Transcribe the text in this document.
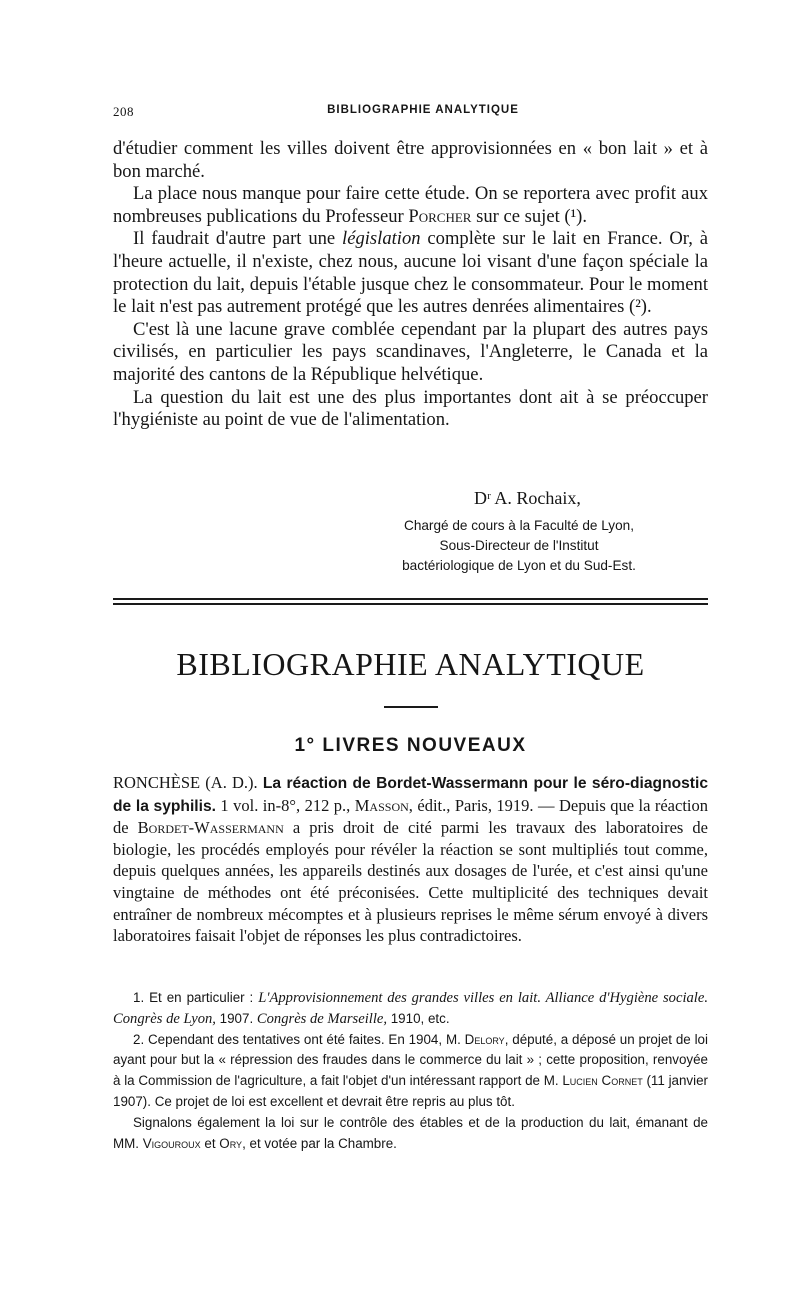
208	BIBLIOGRAPHIE ANALYTIQUE

d'étudier comment les villes doivent être approvisionnées en « bon lait » et à bon marché.

La place nous manque pour faire cette étude. On se reportera avec profit aux nombreuses publications du Professeur Porcher sur ce sujet (¹).

Il faudrait d'autre part une législation complète sur le lait en France. Or, à l'heure actuelle, il n'existe, chez nous, aucune loi visant d'une façon spéciale la protection du lait, depuis l'étable jusque chez le consommateur. Pour le moment le lait n'est pas autrement protégé que les autres denrées alimentaires (²).

C'est là une lacune grave comblée cependant par la plupart des autres pays civilisés, en particulier les pays scandinaves, l'Angleterre, le Canada et la majorité des cantons de la République helvétique.

La question du lait est une des plus importantes dont ait à se préoccuper l'hygiéniste au point de vue de l'alimentation.

Dʳ A. Rochaix,
Chargé de cours à la Faculté de Lyon,
Sous-Directeur de l'Institut
bactériologique de Lyon et du Sud-Est.
BIBLIOGRAPHIE ANALYTIQUE
1° LIVRES NOUVEAUX

RONCHÈSE (A. D.). La réaction de Bordet-Wassermann pour le séro-diagnostic de la syphilis. 1 vol. in-8°, 212 p., Masson, édit., Paris, 1919. — Depuis que la réaction de Bordet-Wassermann a pris droit de cité parmi les travaux des laboratoires de biologie, les procédés employés pour révéler la réaction se sont multipliés tout comme, depuis quelques années, les appareils destinés aux dosages de l'urée, et c'est ainsi qu'une vingtaine de méthodes ont été préconisées. Cette multiplicité des techniques devait entraîner de nombreux mécomptes et à plusieurs reprises le même sérum envoyé à divers laboratoires faisait l'objet de réponses les plus contradictoires.

1. Et en particulier : L'Approvisionnement des grandes villes en lait. Alliance d'Hygiène sociale. Congrès de Lyon, 1907. Congrès de Marseille, 1910, etc.

2. Cependant des tentatives ont été faites. En 1904, M. Delory, député, a déposé un projet de loi ayant pour but la « répression des fraudes dans le commerce du lait » ; cette proposition, renvoyée à la Commission de l'agriculture, a fait l'objet d'un intéressant rapport de M. Lucien Cornet (11 janvier 1907). Ce projet de loi est excellent et devrait être repris au plus tôt.

Signalons également la loi sur le contrôle des étables et de la production du lait, émanant de MM. Vigouroux et Ory, et votée par la Chambre.
